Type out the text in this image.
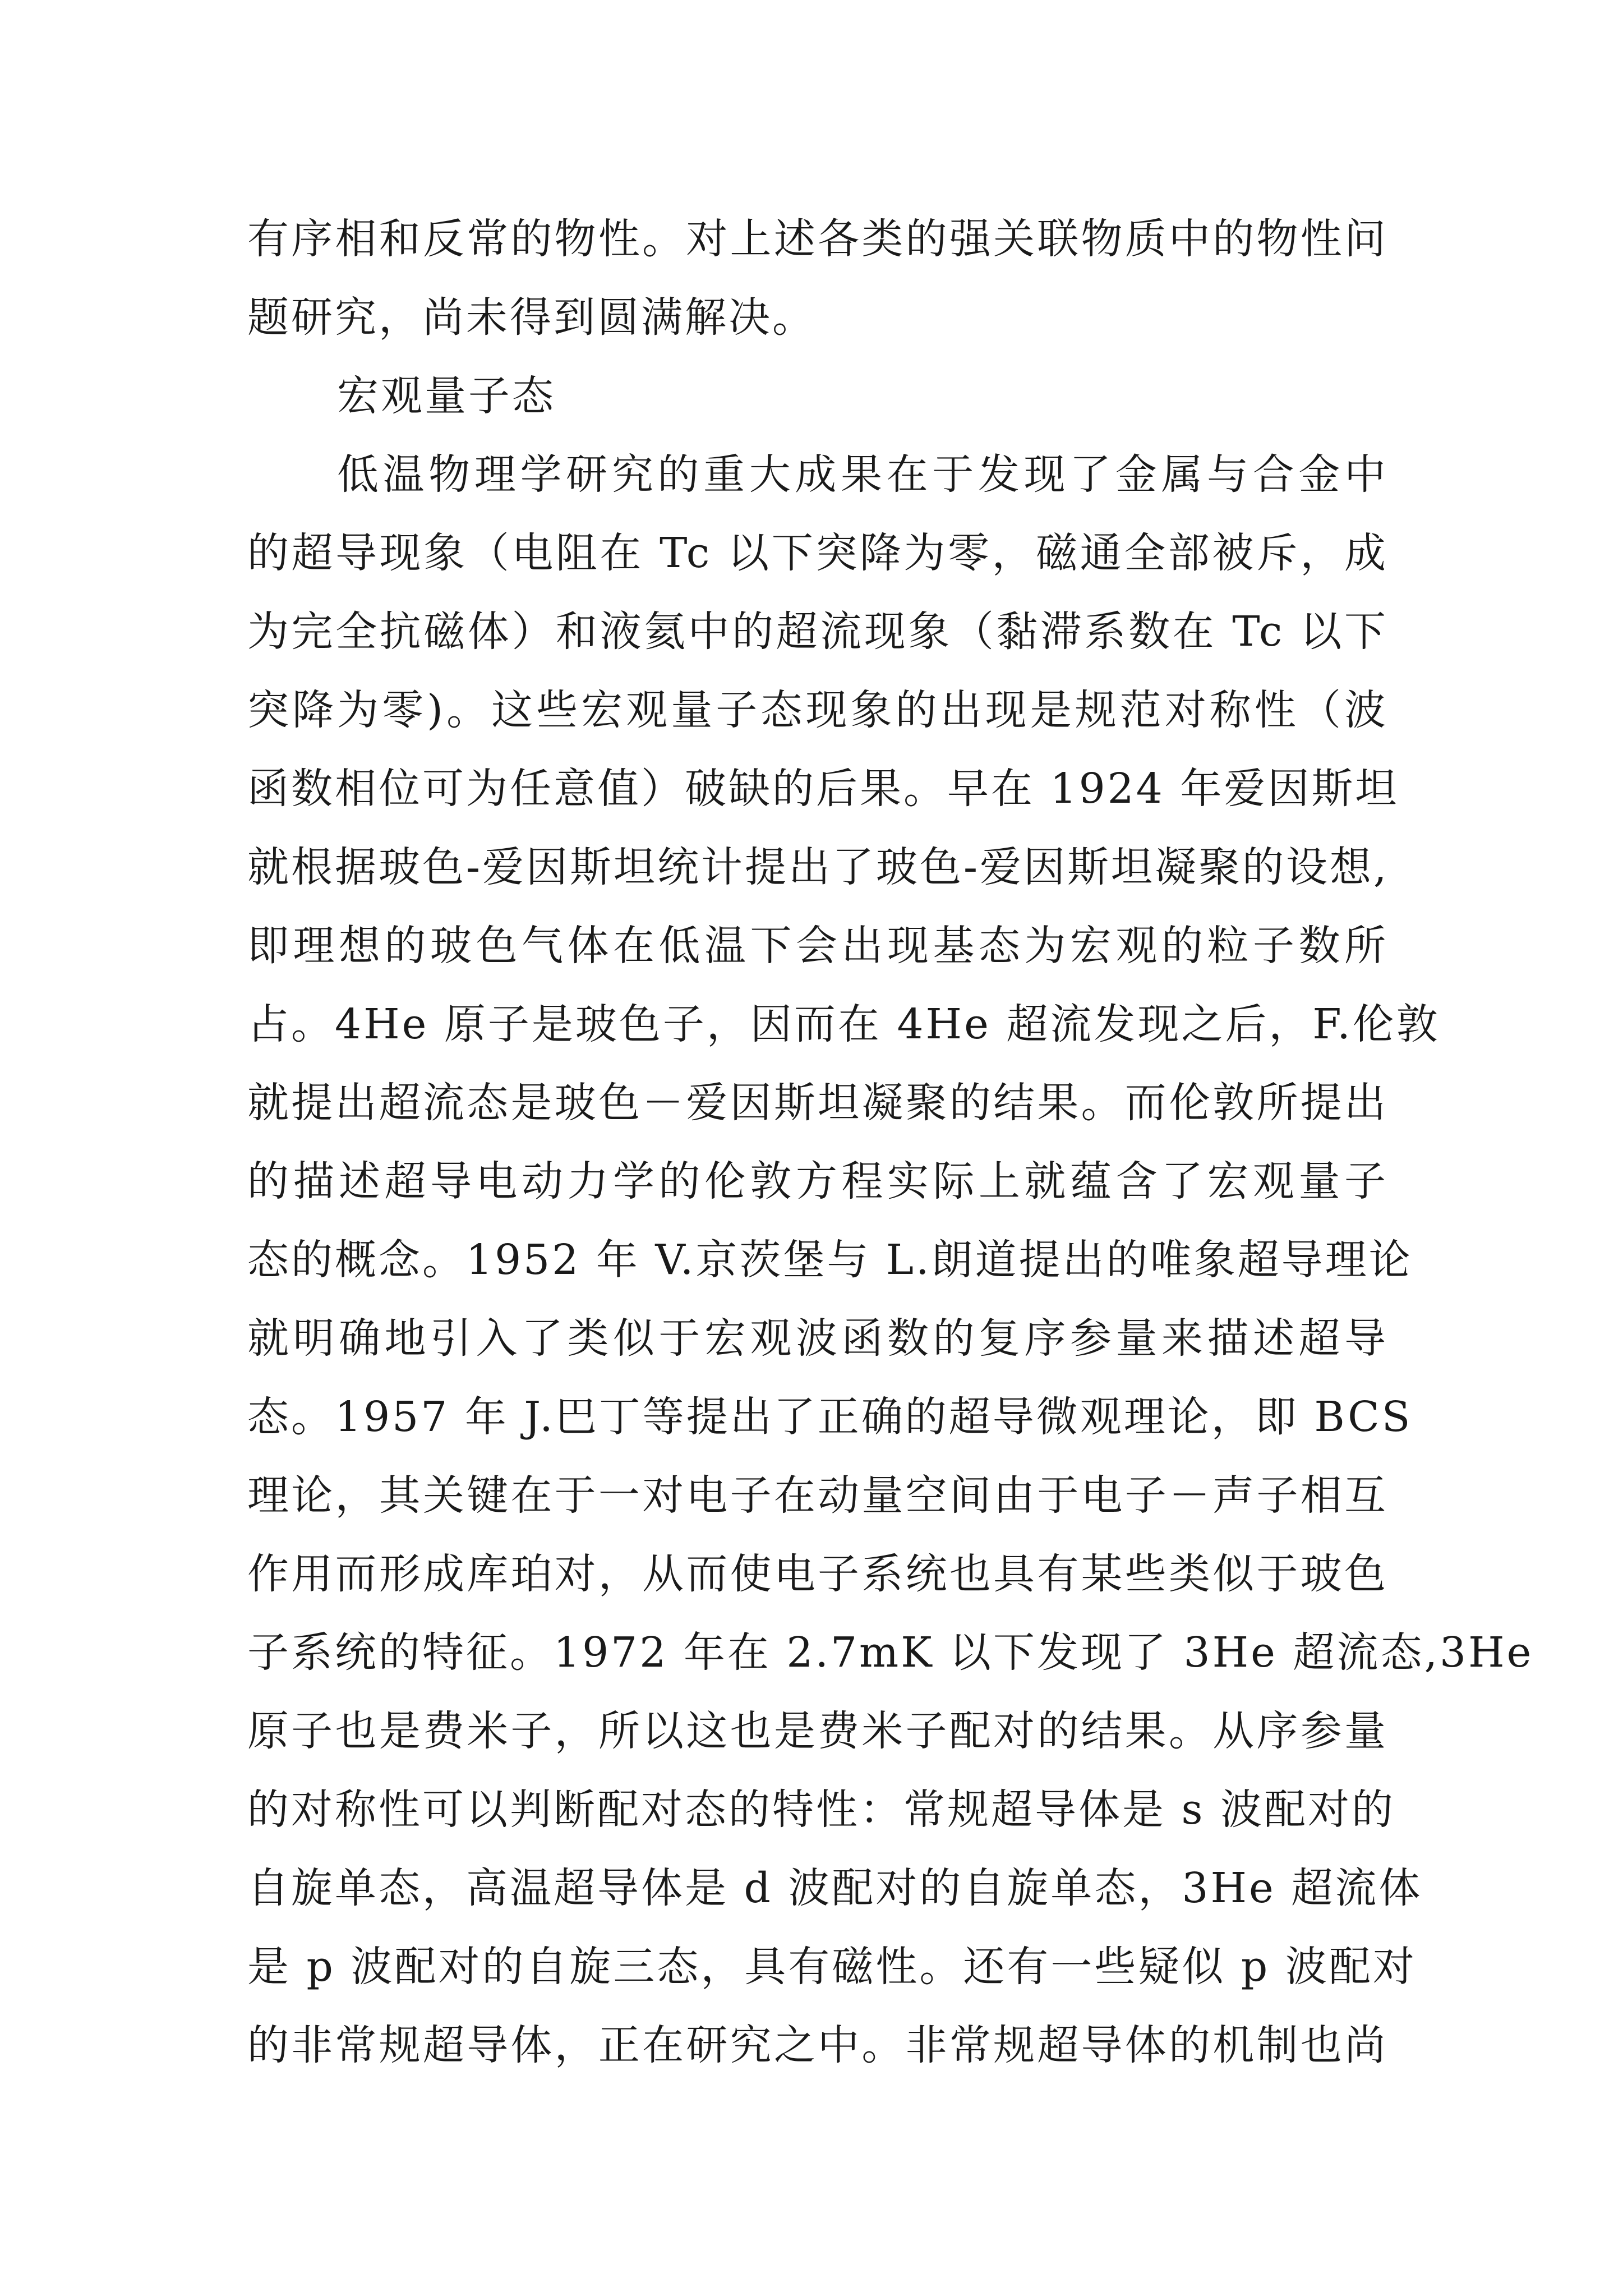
有序相和反常的物性。对上述各类的强关联物质中的物性问
题研究，尚未得到圆满解决。
宏观量子态
低温物理学研究的重大成果在于发现了金属与合金中
的超导现象（电阻在 Tc 以下突降为零，磁通全部被斥，成
为完全抗磁体）和液氦中的超流现象（黏滞系数在 Tc 以下
突降为零)。这些宏观量子态现象的出现是规范对称性（波
函数相位可为任意值）破缺的后果。早在 1924 年爱因斯坦
就根据玻色-爱因斯坦统计提出了玻色-爱因斯坦凝聚的设想,
即理想的玻色气体在低温下会出现基态为宏观的粒子数所
占。4He 原子是玻色子，因而在 4He 超流发现之后，F.伦敦
就提出超流态是玻色－爱因斯坦凝聚的结果。而伦敦所提出
的描述超导电动力学的伦敦方程实际上就蕴含了宏观量子
态的概念。1952 年 V.京茨堡与 L.朗道提出的唯象超导理论
就明确地引入了类似于宏观波函数的复序参量来描述超导
态。1957 年 J.巴丁等提出了正确的超导微观理论，即 BCS
理论，其关键在于一对电子在动量空间由于电子－声子相互
作用而形成库珀对，从而使电子系统也具有某些类似于玻色
子系统的特征。1972 年在 2.7mK 以下发现了 3He 超流态,3He
原子也是费米子，所以这也是费米子配对的结果。从序参量
的对称性可以判断配对态的特性：常规超导体是 s 波配对的
自旋单态，高温超导体是 d 波配对的自旋单态，3He 超流体
是 p 波配对的自旋三态，具有磁性。还有一些疑似 p 波配对
的非常规超导体，正在研究之中。非常规超导体的机制也尚
